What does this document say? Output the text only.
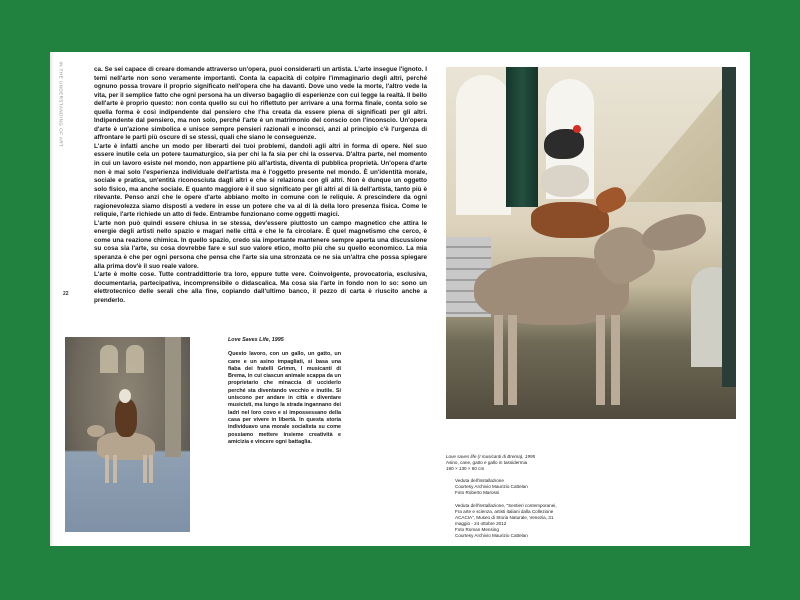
IN THE UNDERSTANDING OF ART	ca. Se sei capace di creare domande attraverso un'opera, puoi considerarti un artista. L'arte insegue l'ignoto. I temi nell'arte non sono veramente importanti. Conta la capacità di colpire l'immaginario degli altri, perché ognuno possa trovare il proprio significato nell'opera che ha davanti. Dove uno vede la morte, l'altro vede la vita, per il semplice fatto che ogni persona ha un diverso bagaglio di esperienze con cui legge la realtà. Il bello dell'arte è proprio questo: non conta quello su cui ho riflettuto per arrivare a una forma finale, conta solo se quella forma è così indipendente dal pensiero che l'ha creata da essere piena di significati per gli altri. Indipendente dal pensiero, ma non solo, perché l'arte è un matrimonio del conscio con l'inconscio. Un'opera d'arte è un'azione simbolica e unisce sempre pensieri razionali e inconsci, anzi al principio c'è l'urgenza di affrontare le parti più oscure di se stessi, quali che siano le conseguenze.

L'arte è infatti anche un modo per liberarti dei tuoi problemi, dandoli agli altri in forma di opere. Nel suo essere inutile cela un potere taumaturgico, sia per chi la fa sia per chi la osserva. D'altra parte, nel momento in cui un lavoro esiste nel mondo, non appartiene più all'artista, diventa di pubblica proprietà. Un'opera d'arte non è mai solo l'esperienza individuale dell'artista ma è l'oggetto presente nel mondo. È un'identità morale, sociale e pratica, un'entità riconosciuta dagli altri e che si relaziona con gli altri. Non è dunque un oggetto solo fisico, ma anche sociale. E quanto maggiore è il suo significato per gli altri al di là dell'artista, tanto più è rilevante. Penso anzi che le opere d'arte abbiano molto in comune con le reliquie. A prescindere da ogni ragionevolezza siamo disposti a vedere in esse un potere che va al di là della loro presenza fisica. Come le reliquie, l'arte richiede un atto di fede. Entrambe funzionano come oggetti magici.

L'arte non può quindi essere chiusa in se stessa, dev'essere piuttosto un campo magnetico che attira le energie degli artisti nello spazio e magari nelle città e che le fa circolare. È quel magnetismo che cerco, è come una reazione chimica. In quello spazio, credo sia importante mantenere sempre aperta una discussione su cosa sia l'arte, su cosa dovrebbe fare e sul suo valore etico, molto più che su quello economico. La mia speranza è che per ogni persona che pensa che l'arte sia una stronzata ce ne sia un'altra che possa spiegare alla prima dov'è il suo reale valore.

L'arte è molte cose. Tutte contraddittorie tra loro, eppure tutte vere. Coinvolgente, provocatoria, esclusiva, documentaria, partecipativa, incomprensibile o didascalica. Ma cosa sia l'arte in fondo non lo so: sono un elettrotecnico delle serali che alla fine, copiando dall'ultimo banco, il pezzo di carta è riuscito anche a prenderlo.

22
Love Saves Life, 1995
Questo lavoro, con un gallo, un gatto, un cane e un asino impagliati, si basa una fiaba dei fratelli Grimm, I musicanti di Brema, in cui ciascun animale scappa da un proprietario che minaccia di ucciderlo perché sta diventando vecchio e inutile. Si uniscono per andare in città e diventare musicisti, ma lungo la strada ingannano dei ladri nel loro covo e si impossessano della casa per vivere in libertà. In questa storia individuavo una morale socialista su come possiamo mettere insieme creatività e amicizia e vincere ogni battaglia.

Love saves life (I musicanti di Brema), 1995

Asino, cane, gatto e gallo in tassidermia

190 × 130 × 60 cm

Veduta dell'installazione

Courtesy Archivio Maurizio Cattelan

Foto Roberto Marossi

Veduta dell'installazione, "Sentieri contemporanei,

Fra arte e scienza, artisti italiani dalla Collezione

ACACIA", Museo di Storia Naturale, Venezia, 31

maggio - 24 ottobre 2012

Foto Roman Mensing

Courtesy Archivio Maurizio Cattelan
